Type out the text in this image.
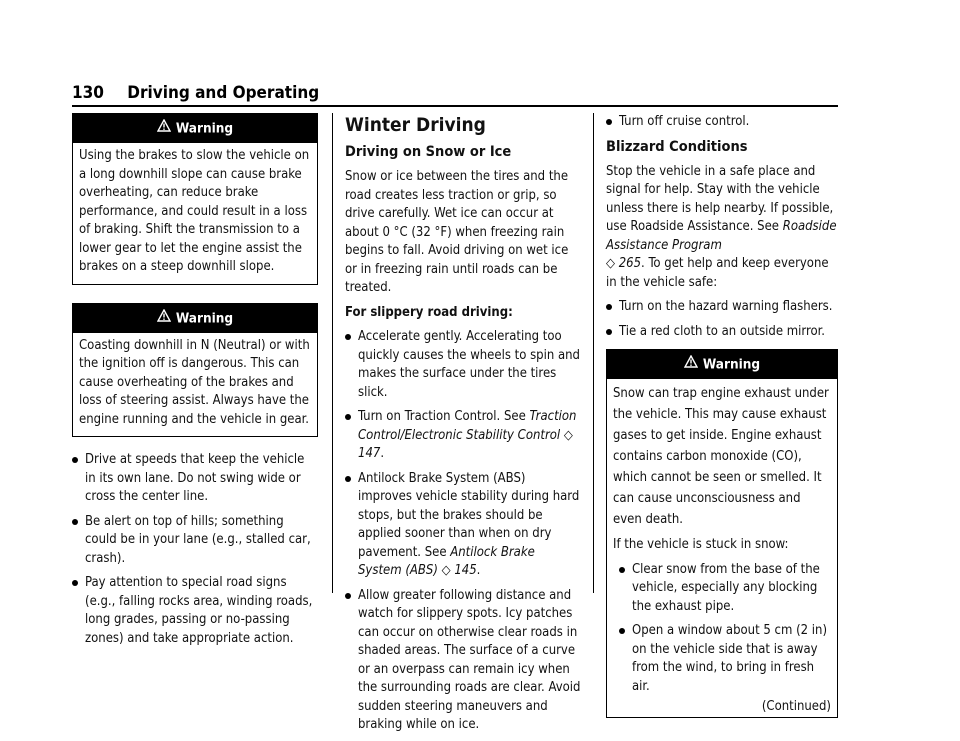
130 Driving and Operating
Warning

Using the brakes to slow the vehicle on a long downhill slope can cause brake overheating, can reduce brake performance, and could result in a loss of braking. Shift the transmission to a lower gear to let the engine assist the brakes on a steep downhill slope.

Warning

Coasting downhill in N (Neutral) or with the ignition off is dangerous. This can cause overheating of the brakes and loss of steering assist. Always have the engine running and the vehicle in gear.

Drive at speeds that keep the vehicle in its own lane. Do not swing wide or cross the center line.
Be alert on top of hills; something could be in your lane (e.g., stalled car, crash).
Pay attention to special road signs (e.g., falling rocks area, winding roads, long grades, passing or no-passing zones) and take appropriate action.
Winter Driving
Driving on Snow or Ice

Snow or ice between the tires and the road creates less traction or grip, so drive carefully. Wet ice can occur at about 0 °C (32 °F) when freezing rain begins to fall. Avoid driving on wet ice or in freezing rain until roads can be treated.

For slippery road driving:

Accelerate gently. Accelerating too quickly causes the wheels to spin and makes the surface under the tires slick.
Turn on Traction Control. See Traction Control/Electronic Stability Control ◇ 147.
Antilock Brake System (ABS) improves vehicle stability during hard stops, but the brakes should be applied sooner than when on dry pavement. See Antilock Brake System (ABS) ◇ 145.
Allow greater following distance and watch for slippery spots. Icy patches can occur on otherwise clear roads in shaded areas. The surface of a curve or an overpass can remain icy when the surrounding roads are clear. Avoid sudden steering maneuvers and braking while on ice.
Turn off cruise control.
Blizzard Conditions

Stop the vehicle in a safe place and signal for help. Stay with the vehicle unless there is help nearby. If possible, use Roadside Assistance. See Roadside Assistance Program
◇ 265. To get help and keep everyone in the vehicle safe:

Turn on the hazard warning flashers.
Tie a red cloth to an outside mirror.
Warning

Snow can trap engine exhaust under the vehicle. This may cause exhaust gases to get inside. Engine exhaust contains carbon monoxide (CO), which cannot be seen or smelled. It can cause unconsciousness and even death.

If the vehicle is stuck in snow:

Clear snow from the base of the vehicle, especially any blocking the exhaust pipe.
Open a window about 5 cm (2 in) on the vehicle side that is away from the wind, to bring in fresh air.
(Continued)
